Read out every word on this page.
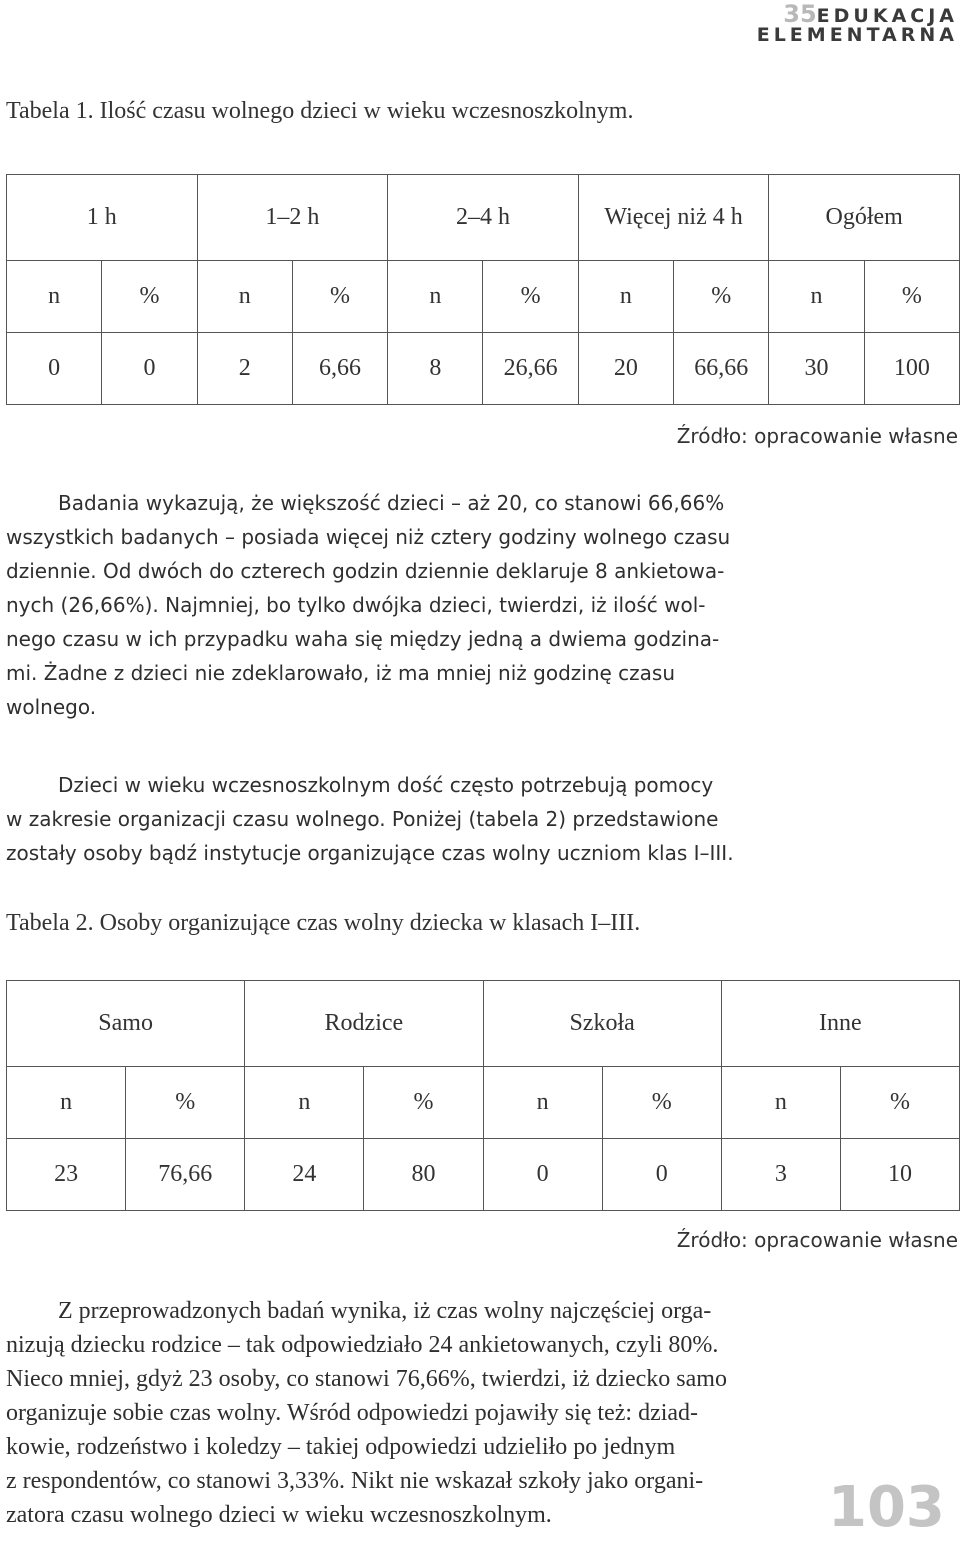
35EDUKACJA
ELEMENTARNA
Tabela 1. Ilość czasu wolnego dzieci w wieku wczesnoszkolnym.
1 h		1–2 h		2–4 h		Więcej niż 4 h		Ogółem	
n	%	n	%	n	%	n	%	n	%
0	0	2	6,66	8	26,66	20	66,66	30	100
Źródło: opracowanie własne
Badania wykazują, że większość dzieci – aż 20, co stanowi 66,66%
wszystkich badanych – posiada więcej niż cztery godziny wolnego czasu
dziennie. Od dwóch do czterech godzin dziennie deklaruje 8 ankietowa-
nych (26,66%). Najmniej, bo tylko dwójka dzieci, twierdzi, iż ilość wol-
nego czasu w ich przypadku waha się między jedną a dwiema godzina-
mi. Żadne z dzieci nie zdeklarowało, iż ma mniej niż godzinę czasu
wolnego.
Dzieci w wieku wczesnoszkolnym dość często potrzebują pomocy
w zakresie organizacji czasu wolnego. Poniżej (tabela 2) przedstawione
zostały osoby bądź instytucje organizujące czas wolny uczniom klas I–III.
Tabela 2. Osoby organizujące czas wolny dziecka w klasach I–III.
Samo		Rodzice		Szkoła		Inne	
n	%	n	%	n	%	n	%
23	76,66	24	80	0	0	3	10
Źródło: opracowanie własne
Z przeprowadzonych badań wynika, iż czas wolny najczęściej orga-
nizują dziecku rodzice – tak odpowiedziało 24 ankietowanych, czyli 80%.
Nieco mniej, gdyż 23 osoby, co stanowi 76,66%, twierdzi, iż dziecko samo
organizuje sobie czas wolny. Wśród odpowiedzi pojawiły się też: dziad-
kowie, rodzeństwo i koledzy – takiej odpowiedzi udzieliło po jednym
z respondentów, co stanowi 3,33%. Nikt nie wskazał szkoły jako organi-
zatora czasu wolnego dzieci w wieku wczesnoszkolnym.	103
